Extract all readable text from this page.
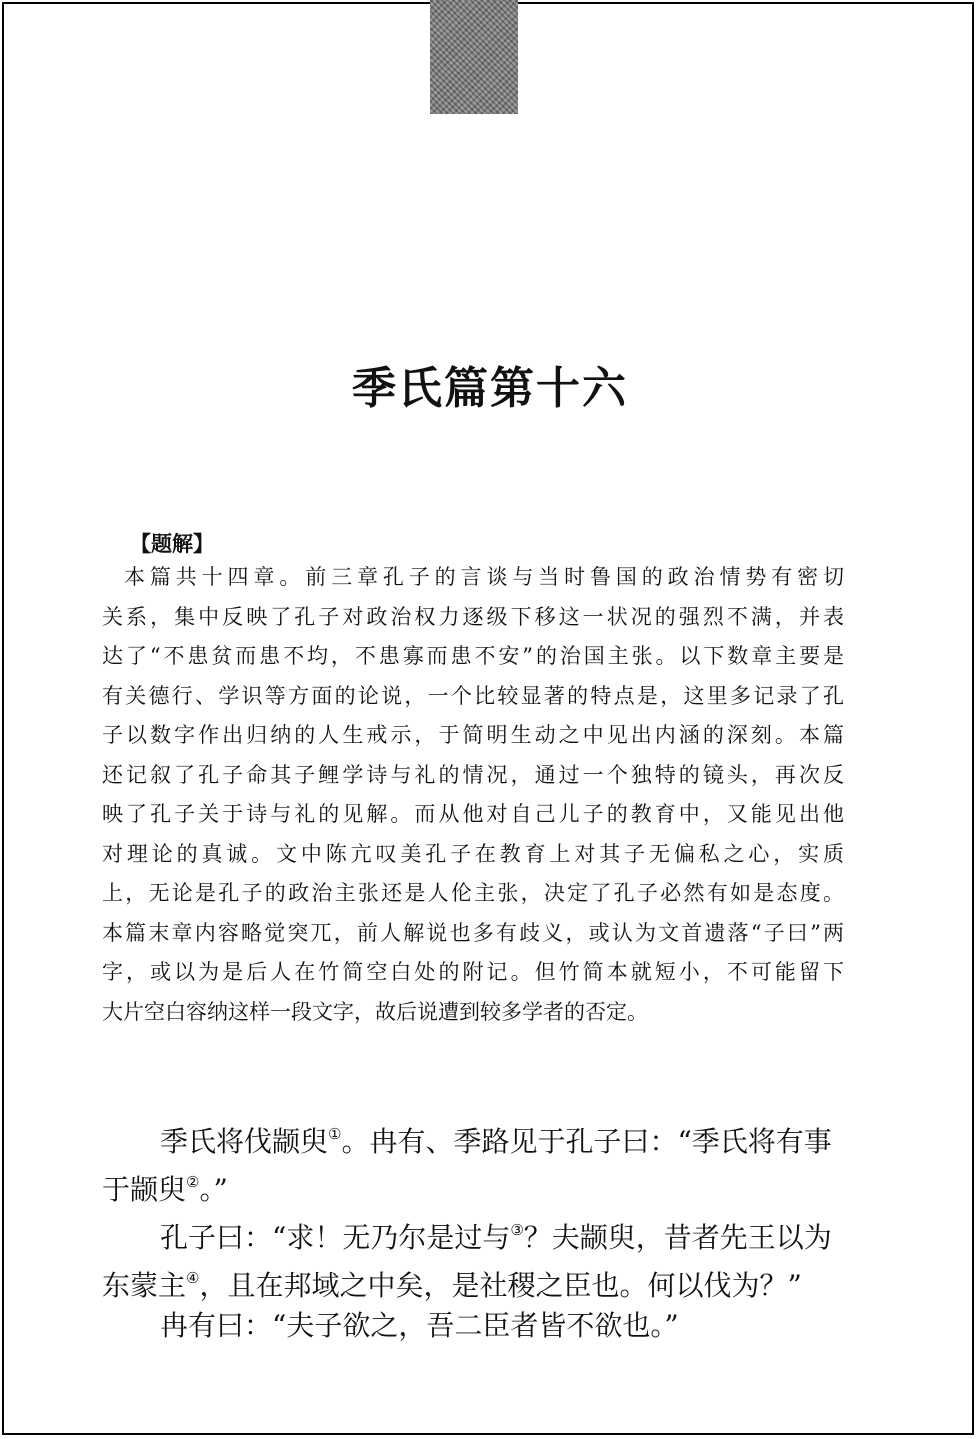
季氏篇第十六
【题解】
本篇共十四章。前三章孔子的言谈与当时鲁国的政治情势有密切
关系，集中反映了孔子对政治权力逐级下移这一状况的强烈不满，并表
达了“不患贫而患不均，不患寡而患不安”的治国主张。以下数章主要是
有关德行、学识等方面的论说，一个比较显著的特点是，这里多记录了孔
子以数字作出归纳的人生戒示，于简明生动之中见出内涵的深刻。本篇
还记叙了孔子命其子鲤学诗与礼的情况，通过一个独特的镜头，再次反
映了孔子关于诗与礼的见解。而从他对自己儿子的教育中，又能见出他
对理论的真诚。文中陈亢叹美孔子在教育上对其子无偏私之心，实质
上，无论是孔子的政治主张还是人伦主张，决定了孔子必然有如是态度。
本篇末章内容略觉突兀，前人解说也多有歧义，或认为文首遗落“子曰”两
字，或以为是后人在竹简空白处的附记。但竹简本就短小，不可能留下
大片空白容纳这样一段文字，故后说遭到较多学者的否定。
季氏将伐颛臾①。冉有、季路见于孔子曰：“季氏将有事
于颛臾②。”
孔子曰：“求！无乃尔是过与③？夫颛臾，昔者先王以为
东蒙主④，且在邦域之中矣，是社稷之臣也。何以伐为？”
冉有曰：“夫子欲之，吾二臣者皆不欲也。”
